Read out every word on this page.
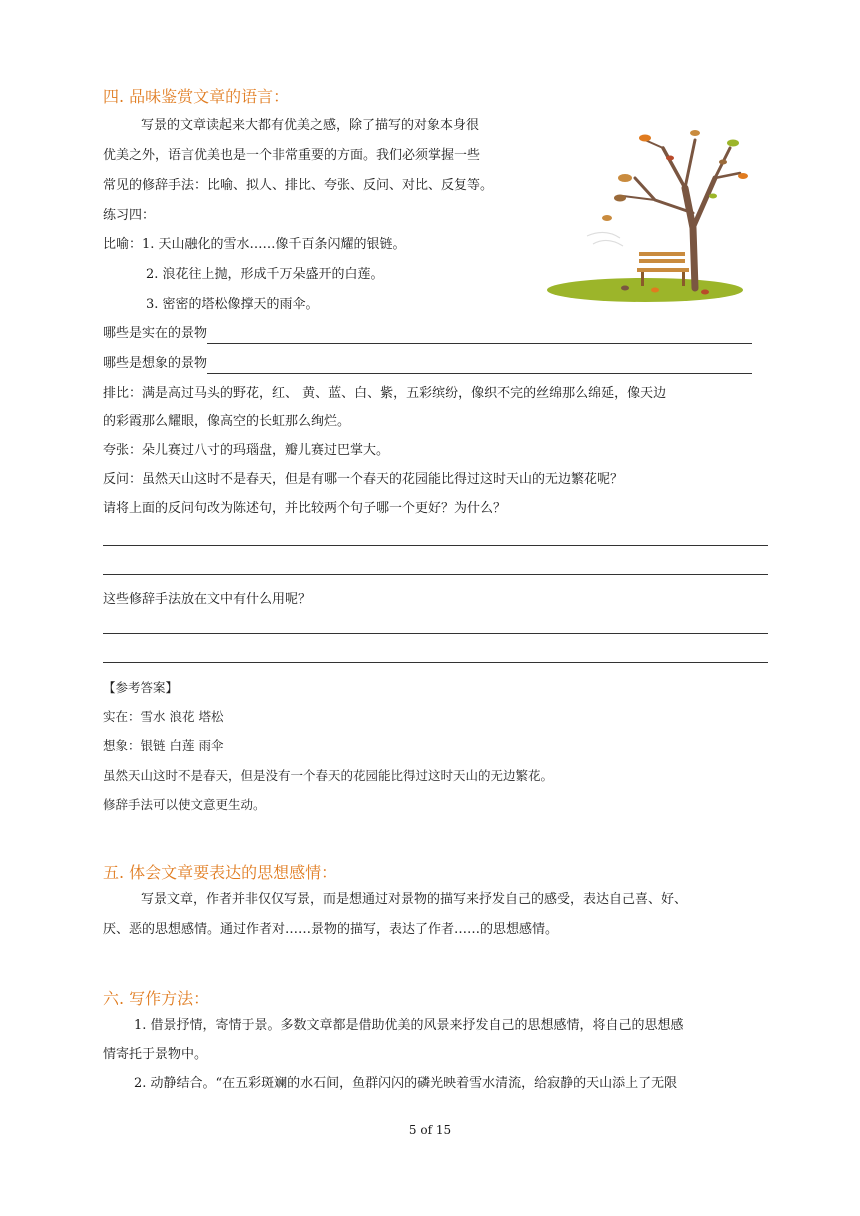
四. 品味鉴赏文章的语言：
写景的文章读起来大都有优美之感，除了描写的对象本身很
优美之外，语言优美也是一个非常重要的方面。我们必须掌握一些
常见的修辞手法：比喻、拟人、排比、夸张、反问、对比、反复等。
练习四：
比喻：1. 天山融化的雪水……像千百条闪耀的银链。
2. 浪花往上抛，形成千万朵盛开的白莲。
3. 密密的塔松像撑天的雨伞。
哪些是实在的景物
哪些是想象的景物
排比：满是高过马头的野花，红、 黄、蓝、白、紫，五彩缤纷，像织不完的丝绵那么绵延，像天边
的彩霞那么耀眼，像高空的长虹那么绚烂。
夸张：朵儿赛过八寸的玛瑙盘，瓣儿赛过巴掌大。
反问：虽然天山这时不是春天，但是有哪一个春天的花园能比得过这时天山的无边繁花呢？
请将上面的反问句改为陈述句，并比较两个句子哪一个更好？为什么？
这些修辞手法放在文中有什么用呢？
【参考答案】
实在：雪水 浪花 塔松
想象：银链 白莲 雨伞
虽然天山这时不是春天，但是没有一个春天的花园能比得过这时天山的无边繁花。
修辞手法可以使文意更生动。
五. 体会文章要表达的思想感情：
写景文章，作者并非仅仅写景，而是想通过对景物的描写来抒发自己的感受，表达自己喜、好、
厌、恶的思想感情。通过作者对……景物的描写，表达了作者……的思想感情。
六. 写作方法：
1. 借景抒情，寄情于景。多数文章都是借助优美的风景来抒发自己的思想感情，将自己的思想感
情寄托于景物中。
2. 动静结合。“在五彩斑斓的水石间，鱼群闪闪的磷光映着雪水清流，给寂静的天山添上了无限
5 of 15
